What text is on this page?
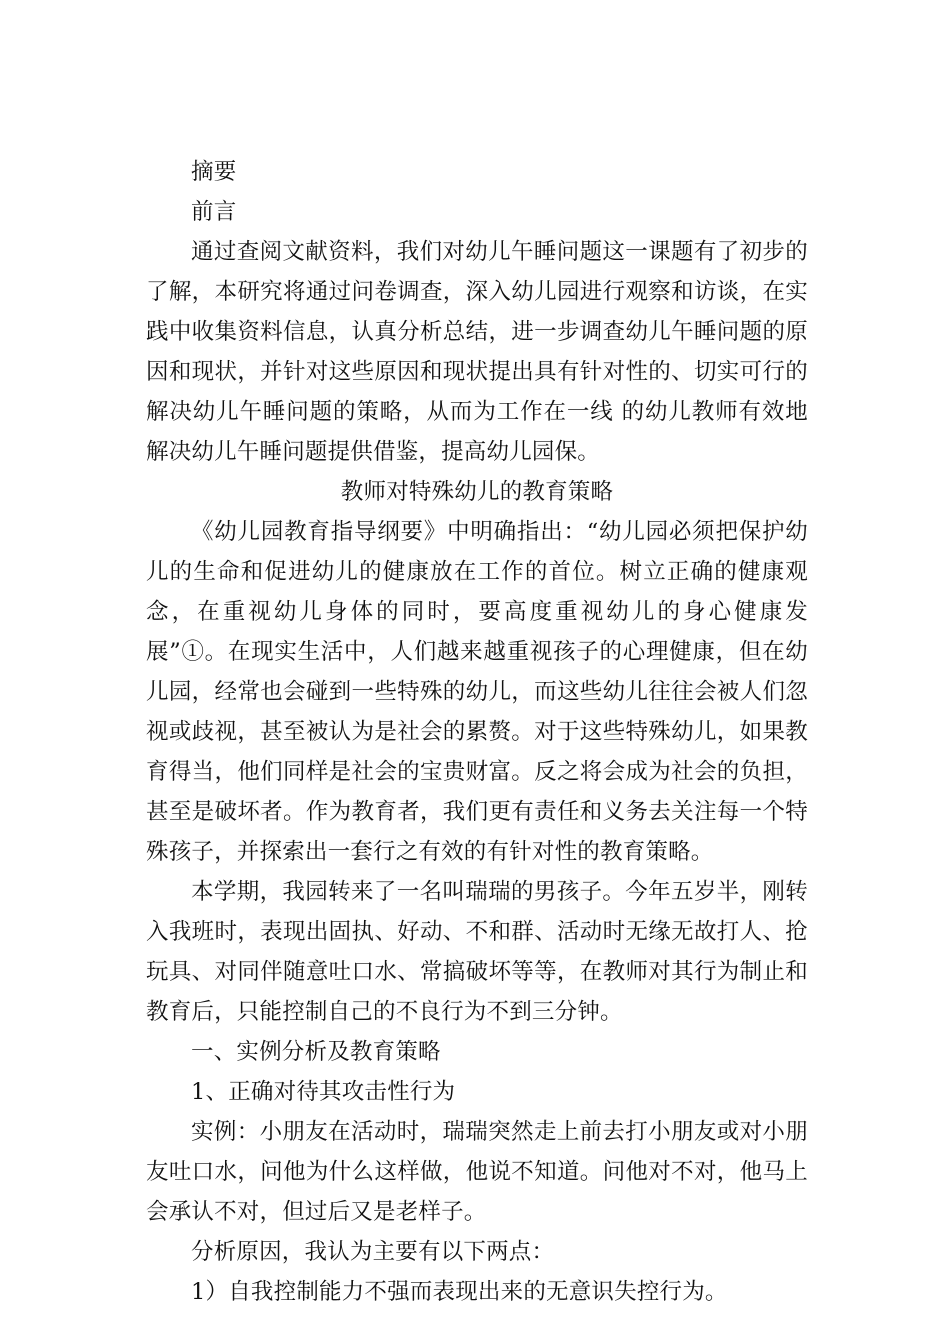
摘要

前言

通过查阅文献资料，我们对幼儿午睡问题这一课题有了初步的了解，本研究将通过问卷调查，深入幼儿园进行观察和访谈，在实践中收集资料信息，认真分析总结，进一步调查幼儿午睡问题的原因和现状，并针对这些原因和现状提出具有针对性的、切实可行的解决幼儿午睡问题的策略，从而为工作在一线 的幼儿教师有效地解决幼儿午睡问题提供借鉴，提高幼儿园保。

教师对特殊幼儿的教育策略

《幼儿园教育指导纲要》中明确指出：“幼儿园必须把保护幼儿的生命和促进幼儿的健康放在工作的首位。树立正确的健康观念，在重视幼儿身体的同时，要高度重视幼儿的身心健康发展”①。在现实生活中，人们越来越重视孩子的心理健康，但在幼儿园，经常也会碰到一些特殊的幼儿，而这些幼儿往往会被人们忽视或歧视，甚至被认为是社会的累赘。对于这些特殊幼儿，如果教育得当，他们同样是社会的宝贵财富。反之将会成为社会的负担，甚至是破坏者。作为教育者，我们更有责任和义务去关注每一个特殊孩子，并探索出一套行之有效的有针对性的教育策略。

本学期，我园转来了一名叫瑞瑞的男孩子。今年五岁半，刚转入我班时，表现出固执、好动、不和群、活动时无缘无故打人、抢玩具、对同伴随意吐口水、常搞破坏等等，在教师对其行为制止和教育后，只能控制自己的不良行为不到三分钟。

一、实例分析及教育策略

1、正确对待其攻击性行为

实例：小朋友在活动时，瑞瑞突然走上前去打小朋友或对小朋友吐口水，问他为什么这样做，他说不知道。问他对不对，他马上会承认不对，但过后又是老样子。

分析原因，我认为主要有以下两点：

1）自我控制能力不强而表现出来的无意识失控行为。
